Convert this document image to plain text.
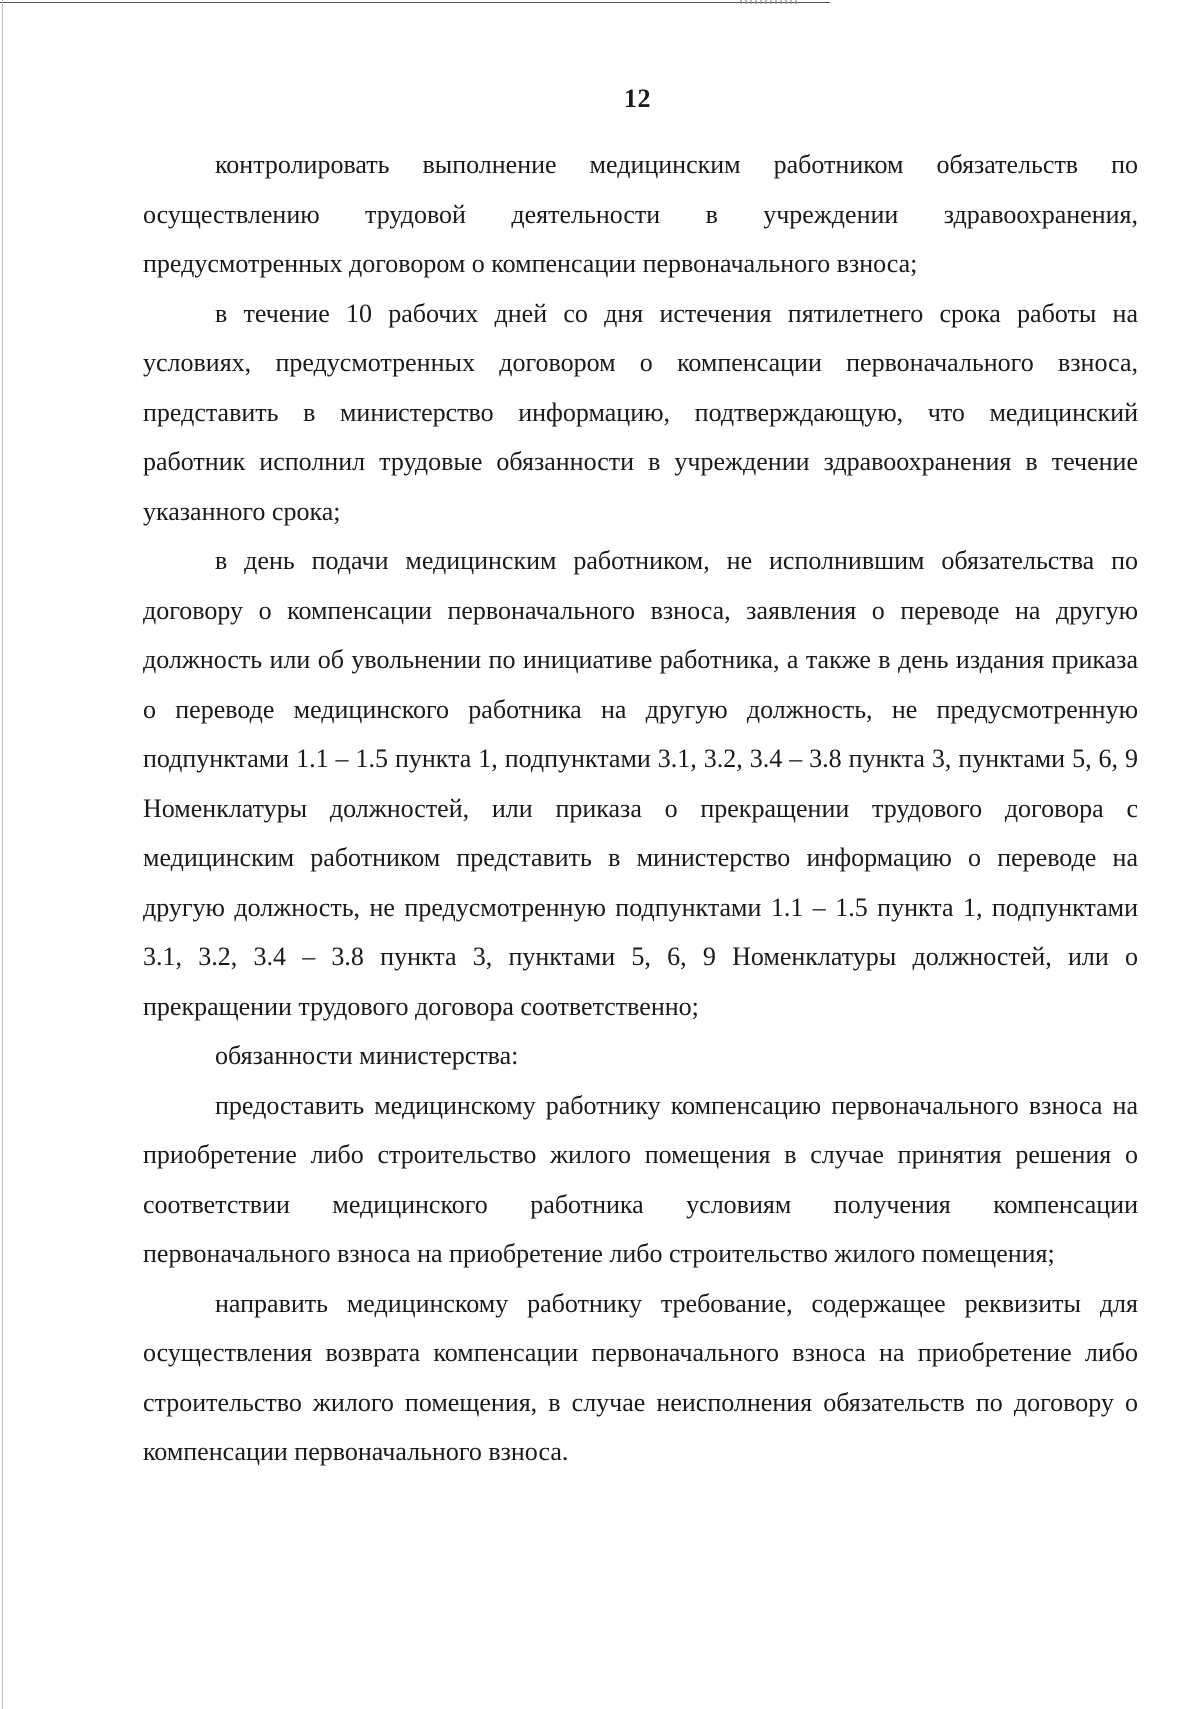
12

контролировать выполнение медицинским работником обязательств по осуществлению трудовой деятельности в учреждении здравоохранения, предусмотренных договором о компенсации первоначального взноса;

в течение 10 рабочих дней со дня истечения пятилетнего срока работы на условиях, предусмотренных договором о компенсации первоначального взноса, представить в министерство информацию, подтверждающую, что медицинский работник исполнил трудовые обязанности в учреждении здравоохранения в течение указанного срока;

в день подачи медицинским работником, не исполнившим обязательства по договору о компенсации первоначального взноса, заявления о переводе на другую должность или об увольнении по инициативе работника, а также в день издания приказа о переводе медицинского работника на другую должность, не предусмотренную подпунктами 1.1 – 1.5 пункта 1, подпунктами 3.1, 3.2, 3.4 – 3.8 пункта 3, пунктами 5, 6, 9 Номенклатуры должностей, или приказа о прекращении трудового договора с медицинским работником представить в министерство информацию о переводе на другую должность, не предусмотренную подпунктами 1.1 – 1.5 пункта 1, подпунктами 3.1, 3.2, 3.4 – 3.8 пункта 3, пунктами 5, 6, 9 Номенклатуры должностей, или о прекращении трудового договора соответственно;

обязанности министерства:

предоставить медицинскому работнику компенсацию первоначального взноса на приобретение либо строительство жилого помещения в случае принятия решения о соответствии медицинского работника условиям получения компенсации первоначального взноса на приобретение либо строительство жилого помещения;

направить медицинскому работнику требование, содержащее реквизиты для осуществления возврата компенсации первоначального взноса на приобретение либо строительство жилого помещения, в случае неисполнения обязательств по договору о компенсации первоначального взноса.
